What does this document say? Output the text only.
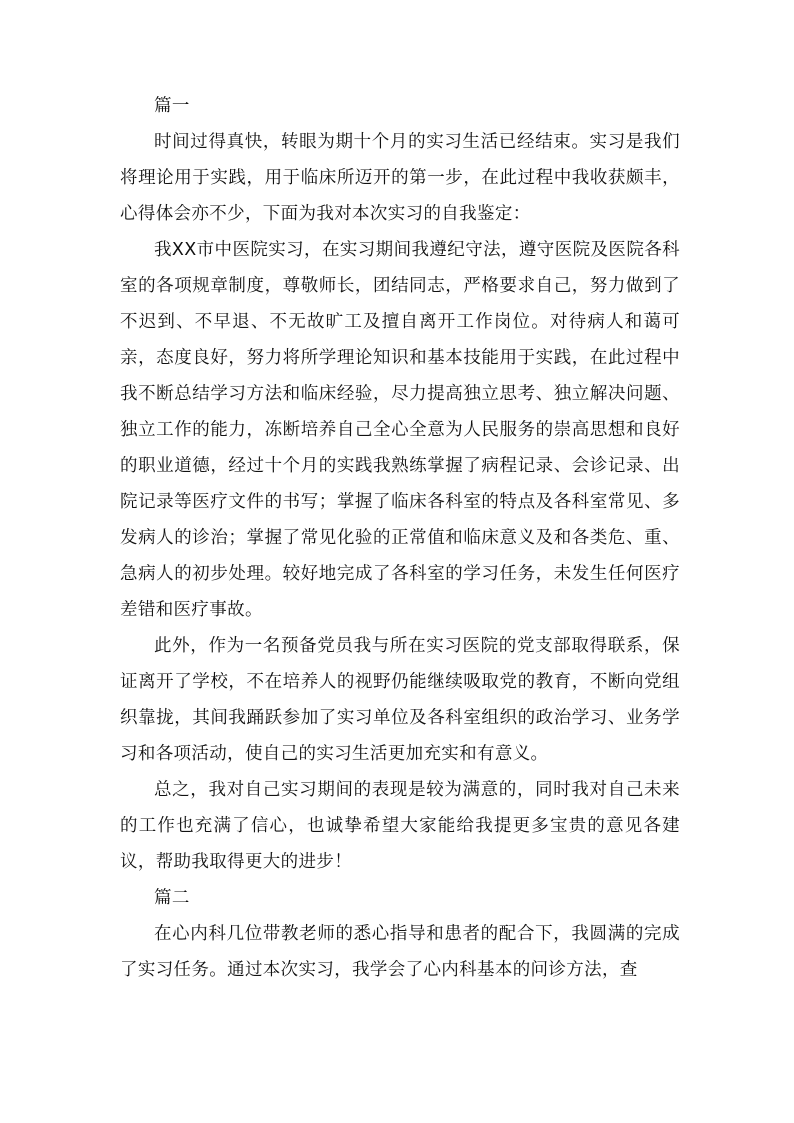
篇一

时间过得真快，转眼为期十个月的实习生活已经结束。实习是我们将理论用于实践，用于临床所迈开的第一步，在此过程中我收获颇丰，心得体会亦不少，下面为我对本次实习的自我鉴定：

我XX市中医院实习，在实习期间我遵纪守法，遵守医院及医院各科室的各项规章制度，尊敬师长，团结同志，严格要求自己，努力做到了不迟到、不早退、不无故旷工及擅自离开工作岗位。对待病人和蔼可亲，态度良好，努力将所学理论知识和基本技能用于实践，在此过程中我不断总结学习方法和临床经验，尽力提高独立思考、独立解决问题、独立工作的能力，冻断培养自己全心全意为人民服务的崇高思想和良好的职业道德，经过十个月的实践我熟练掌握了病程记录、会诊记录、出院记录等医疗文件的书写；掌握了临床各科室的特点及各科室常见、多发病人的诊治；掌握了常见化验的正常值和临床意义及和各类危、重、急病人的初步处理。较好地完成了各科室的学习任务，未发生任何医疗差错和医疗事故。

此外，作为一名预备党员我与所在实习医院的党支部取得联系，保证离开了学校，不在培养人的视野仍能继续吸取党的教育，不断向党组织靠拢，其间我踊跃参加了实习单位及各科室组织的政治学习、业务学习和各项活动，使自己的实习生活更加充实和有意义。

总之，我对自己实习期间的表现是较为满意的，同时我对自己未来的工作也充满了信心，也诚挚希望大家能给我提更多宝贵的意见各建议，帮助我取得更大的进步！

篇二

在心内科几位带教老师的悉心指导和患者的配合下，我圆满的完成了实习任务。通过本次实习，我学会了心内科基本的问诊方法，查
